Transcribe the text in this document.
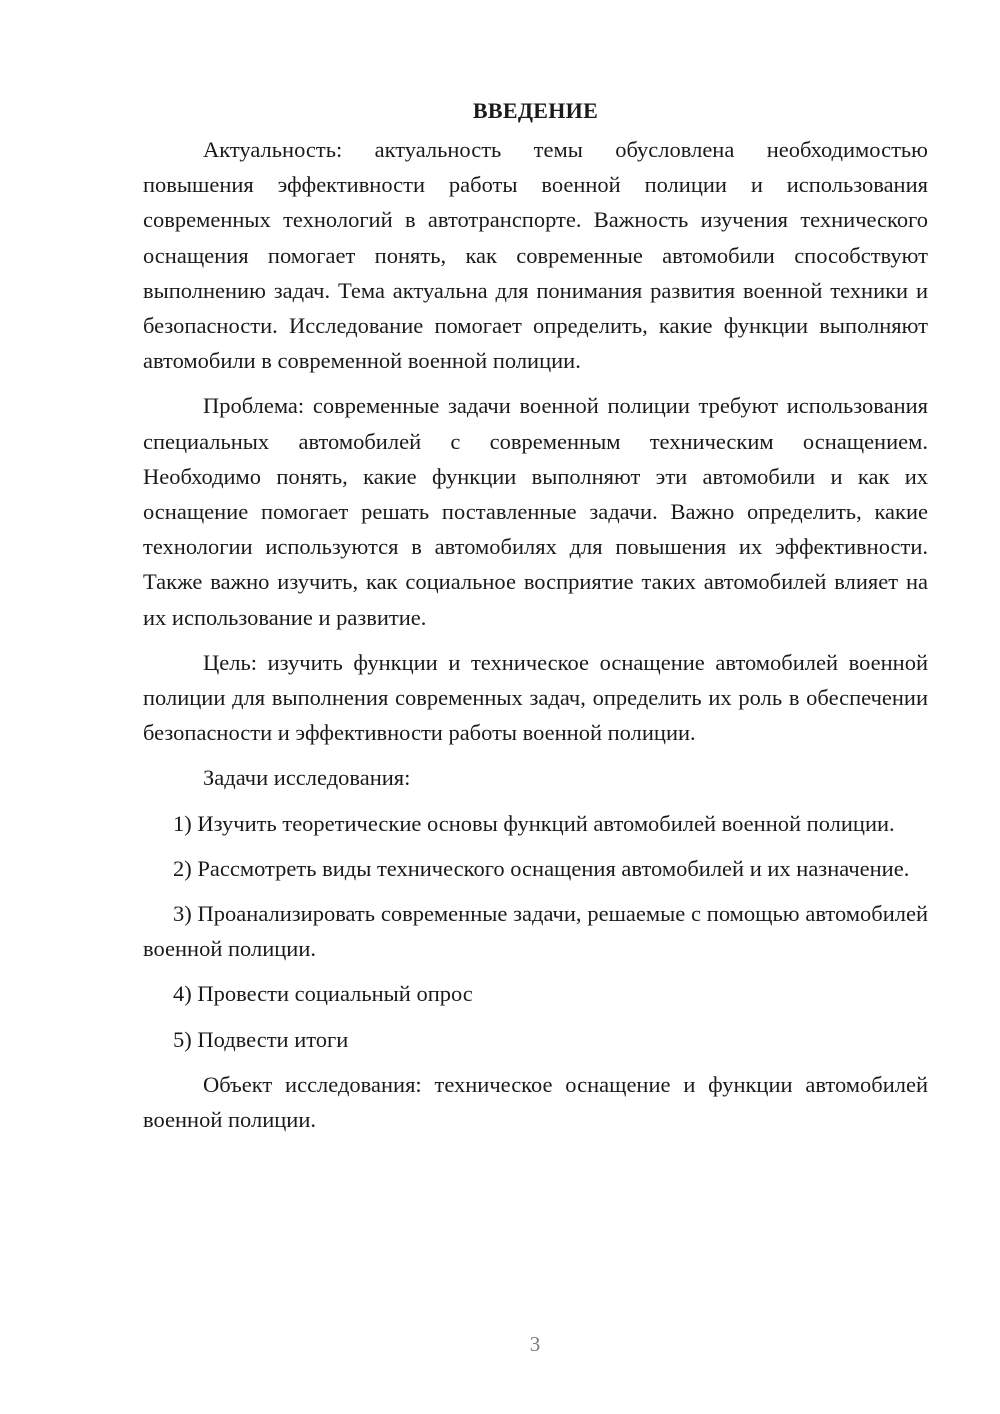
ВВЕДЕНИЕ

Актуальность: актуальность темы обусловлена необходимостью повышения эффективности работы военной полиции и использования современных технологий в автотранспорте. Важность изучения технического оснащения помогает понять, как современные автомобили способствуют выполнению задач. Тема актуальна для понимания развития военной техники и безопасности. Исследование помогает определить, какие функции выполняют автомобили в современной военной полиции.

Проблема: современные задачи военной полиции требуют использования специальных автомобилей с современным техническим оснащением. Необходимо понять, какие функции выполняют эти автомобили и как их оснащение помогает решать поставленные задачи. Важно определить, какие технологии используются в автомобилях для повышения их эффективности. Также важно изучить, как социальное восприятие таких автомобилей влияет на их использование и развитие.

Цель: изучить функции и техническое оснащение автомобилей военной полиции для выполнения современных задач, определить их роль в обеспечении безопасности и эффективности работы военной полиции.

Задачи исследования:

1) Изучить теоретические основы функций автомобилей военной полиции.

2) Рассмотреть виды технического оснащения автомобилей и их назначение.

3) Проанализировать современные задачи, решаемые с помощью автомобилей военной полиции.

4) Провести социальный опрос

5) Подвести итоги

Объект исследования: техническое оснащение и функции автомобилей военной полиции.

3
